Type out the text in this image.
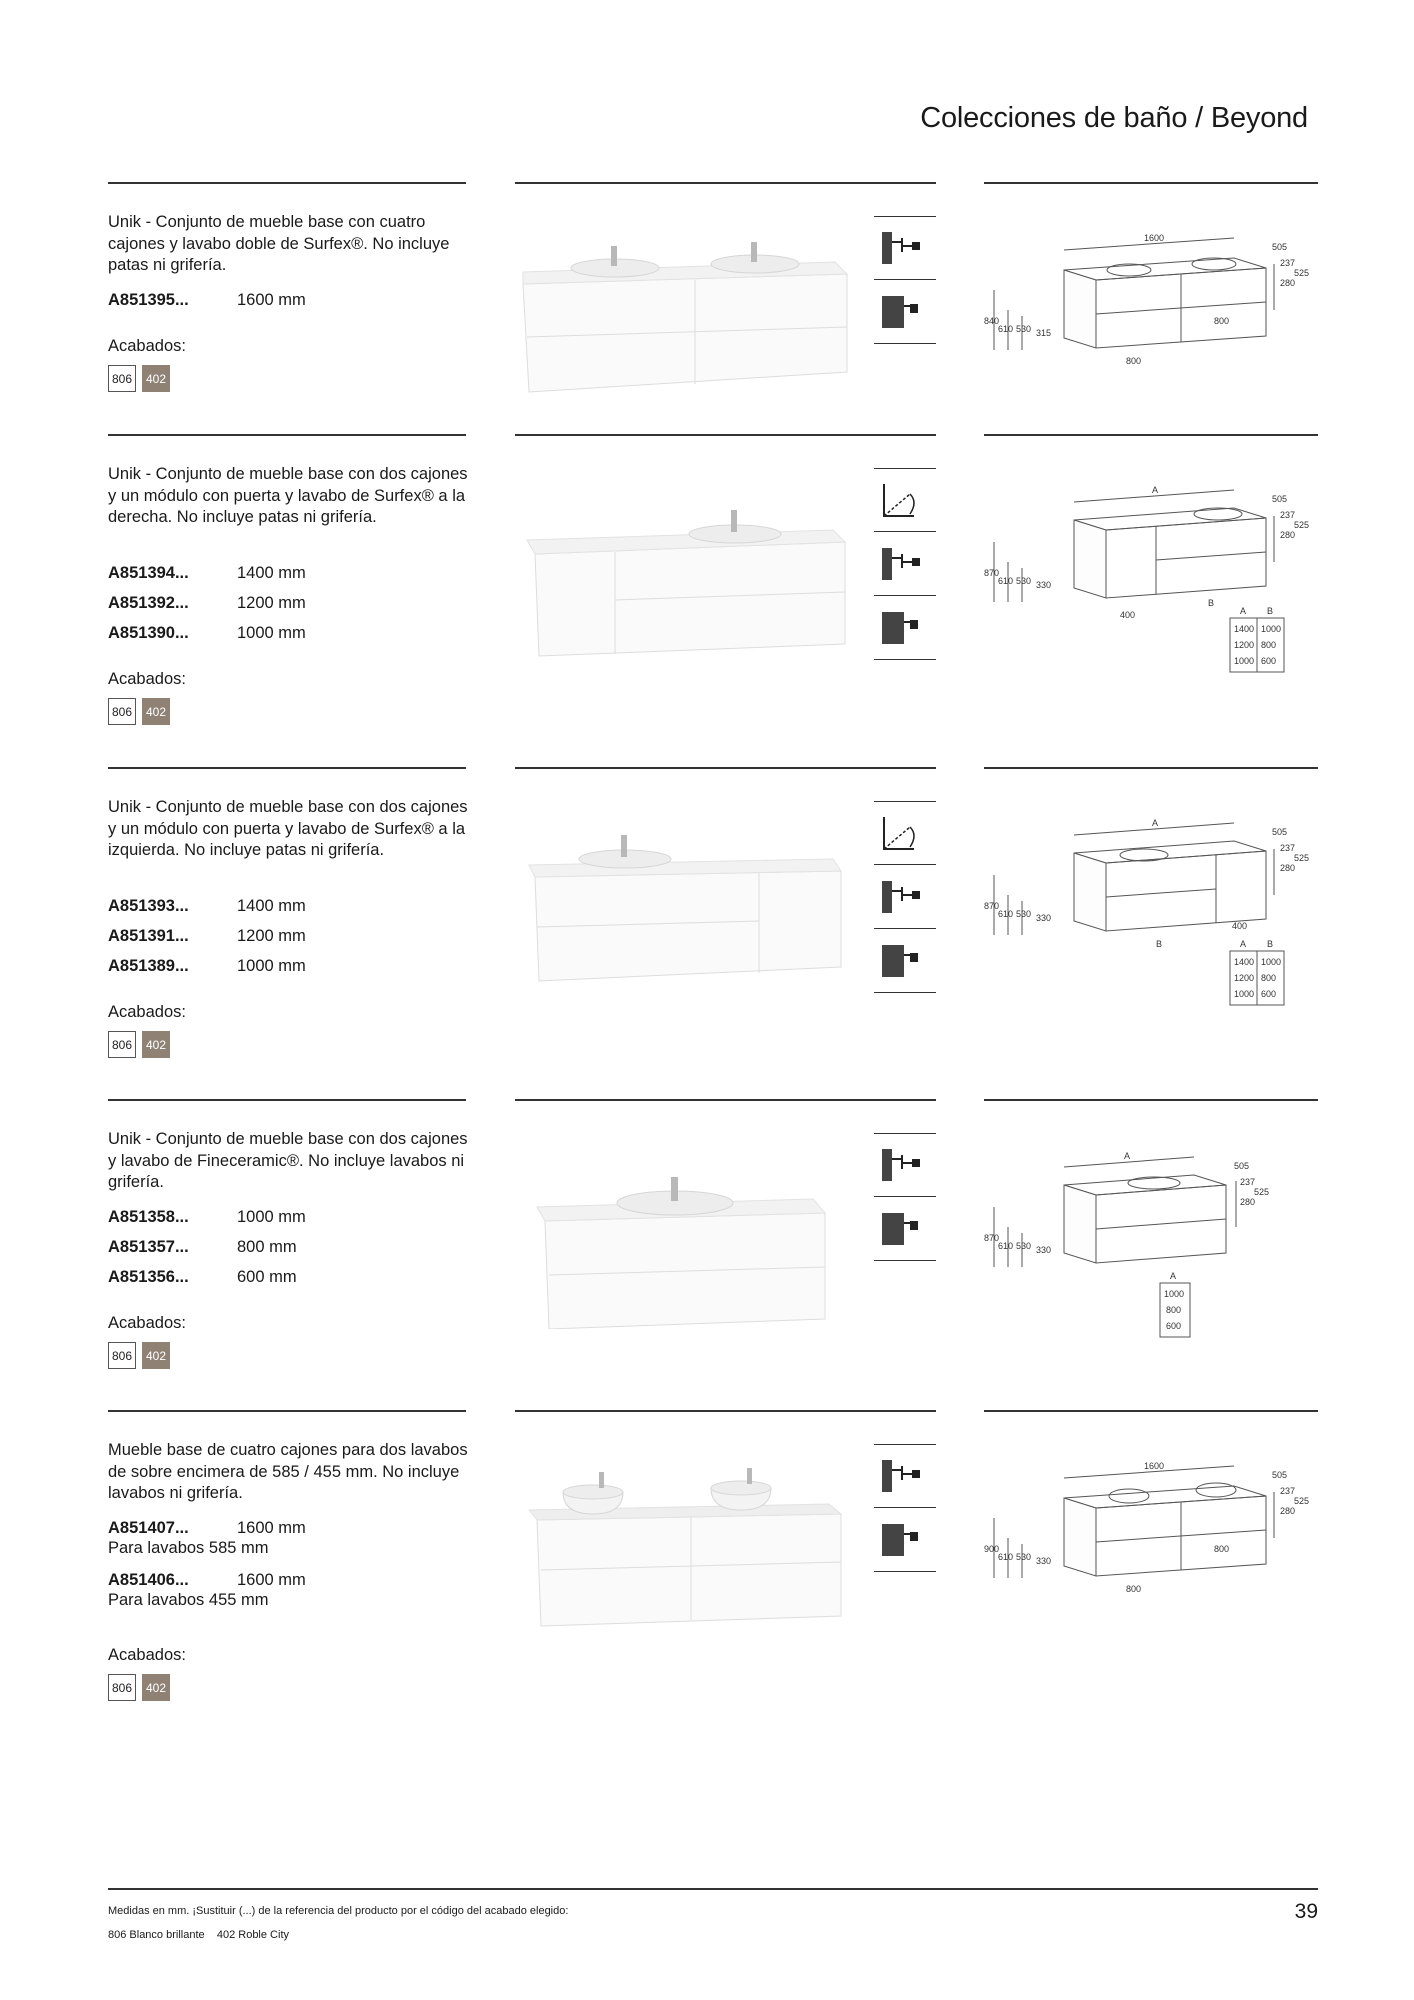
Colecciones de baño / Beyond

Unik - Conjunto de mueble base con cuatro cajones y lavabo doble de Surfex®. No incluye patas ni grifería.

A851395...	1600 mm

Acabados:

806	402
1600
505
237
525
280
840
610 530 315
800
800

Unik - Conjunto de mueble base con dos cajones y un módulo con puerta y lavabo de Surfex® a la derecha. No incluye patas ni grifería.

A851394...	1400 mm
A851392...	1200 mm
A851390...	1000 mm

Acabados:

806	402
A
505
237
525
280
870
610 530 330
400
B
A B
1400 1000
1200 800
1000 600

Unik - Conjunto de mueble base con dos cajones y un módulo con puerta y lavabo de Surfex® a la izquierda. No incluye patas ni grifería.

A851393...	1400 mm
A851391...	1200 mm
A851389...	1000 mm

Acabados:

806	402
A
505
237
525
280
870
610 530 330
B
400
A B
1400 1000
1200 800
1000 600

Unik - Conjunto de mueble base con dos cajones y lavabo de Fineceramic®. No incluye lavabos ni grifería.

A851358...	1000 mm
A851357...	800 mm
A851356...	600 mm

Acabados:

806	402
A
505
237
525
280
870
610 530 330
A
1000
800
600

Mueble base de cuatro cajones para dos lavabos de sobre encimera de 585 / 455 mm. No incluye lavabos ni grifería.

A851407...	1600 mm
Para lavabos 585 mm
A851406...	1600 mm
Para lavabos 455 mm

Acabados:

806	402
1600
505
237
525
280
900
610 530 330
800
800

Medidas en mm. ¡Sustituir (...) de la referencia del producto por el código del acabado elegido:

806 Blanco brillante    402 Roble City

39
